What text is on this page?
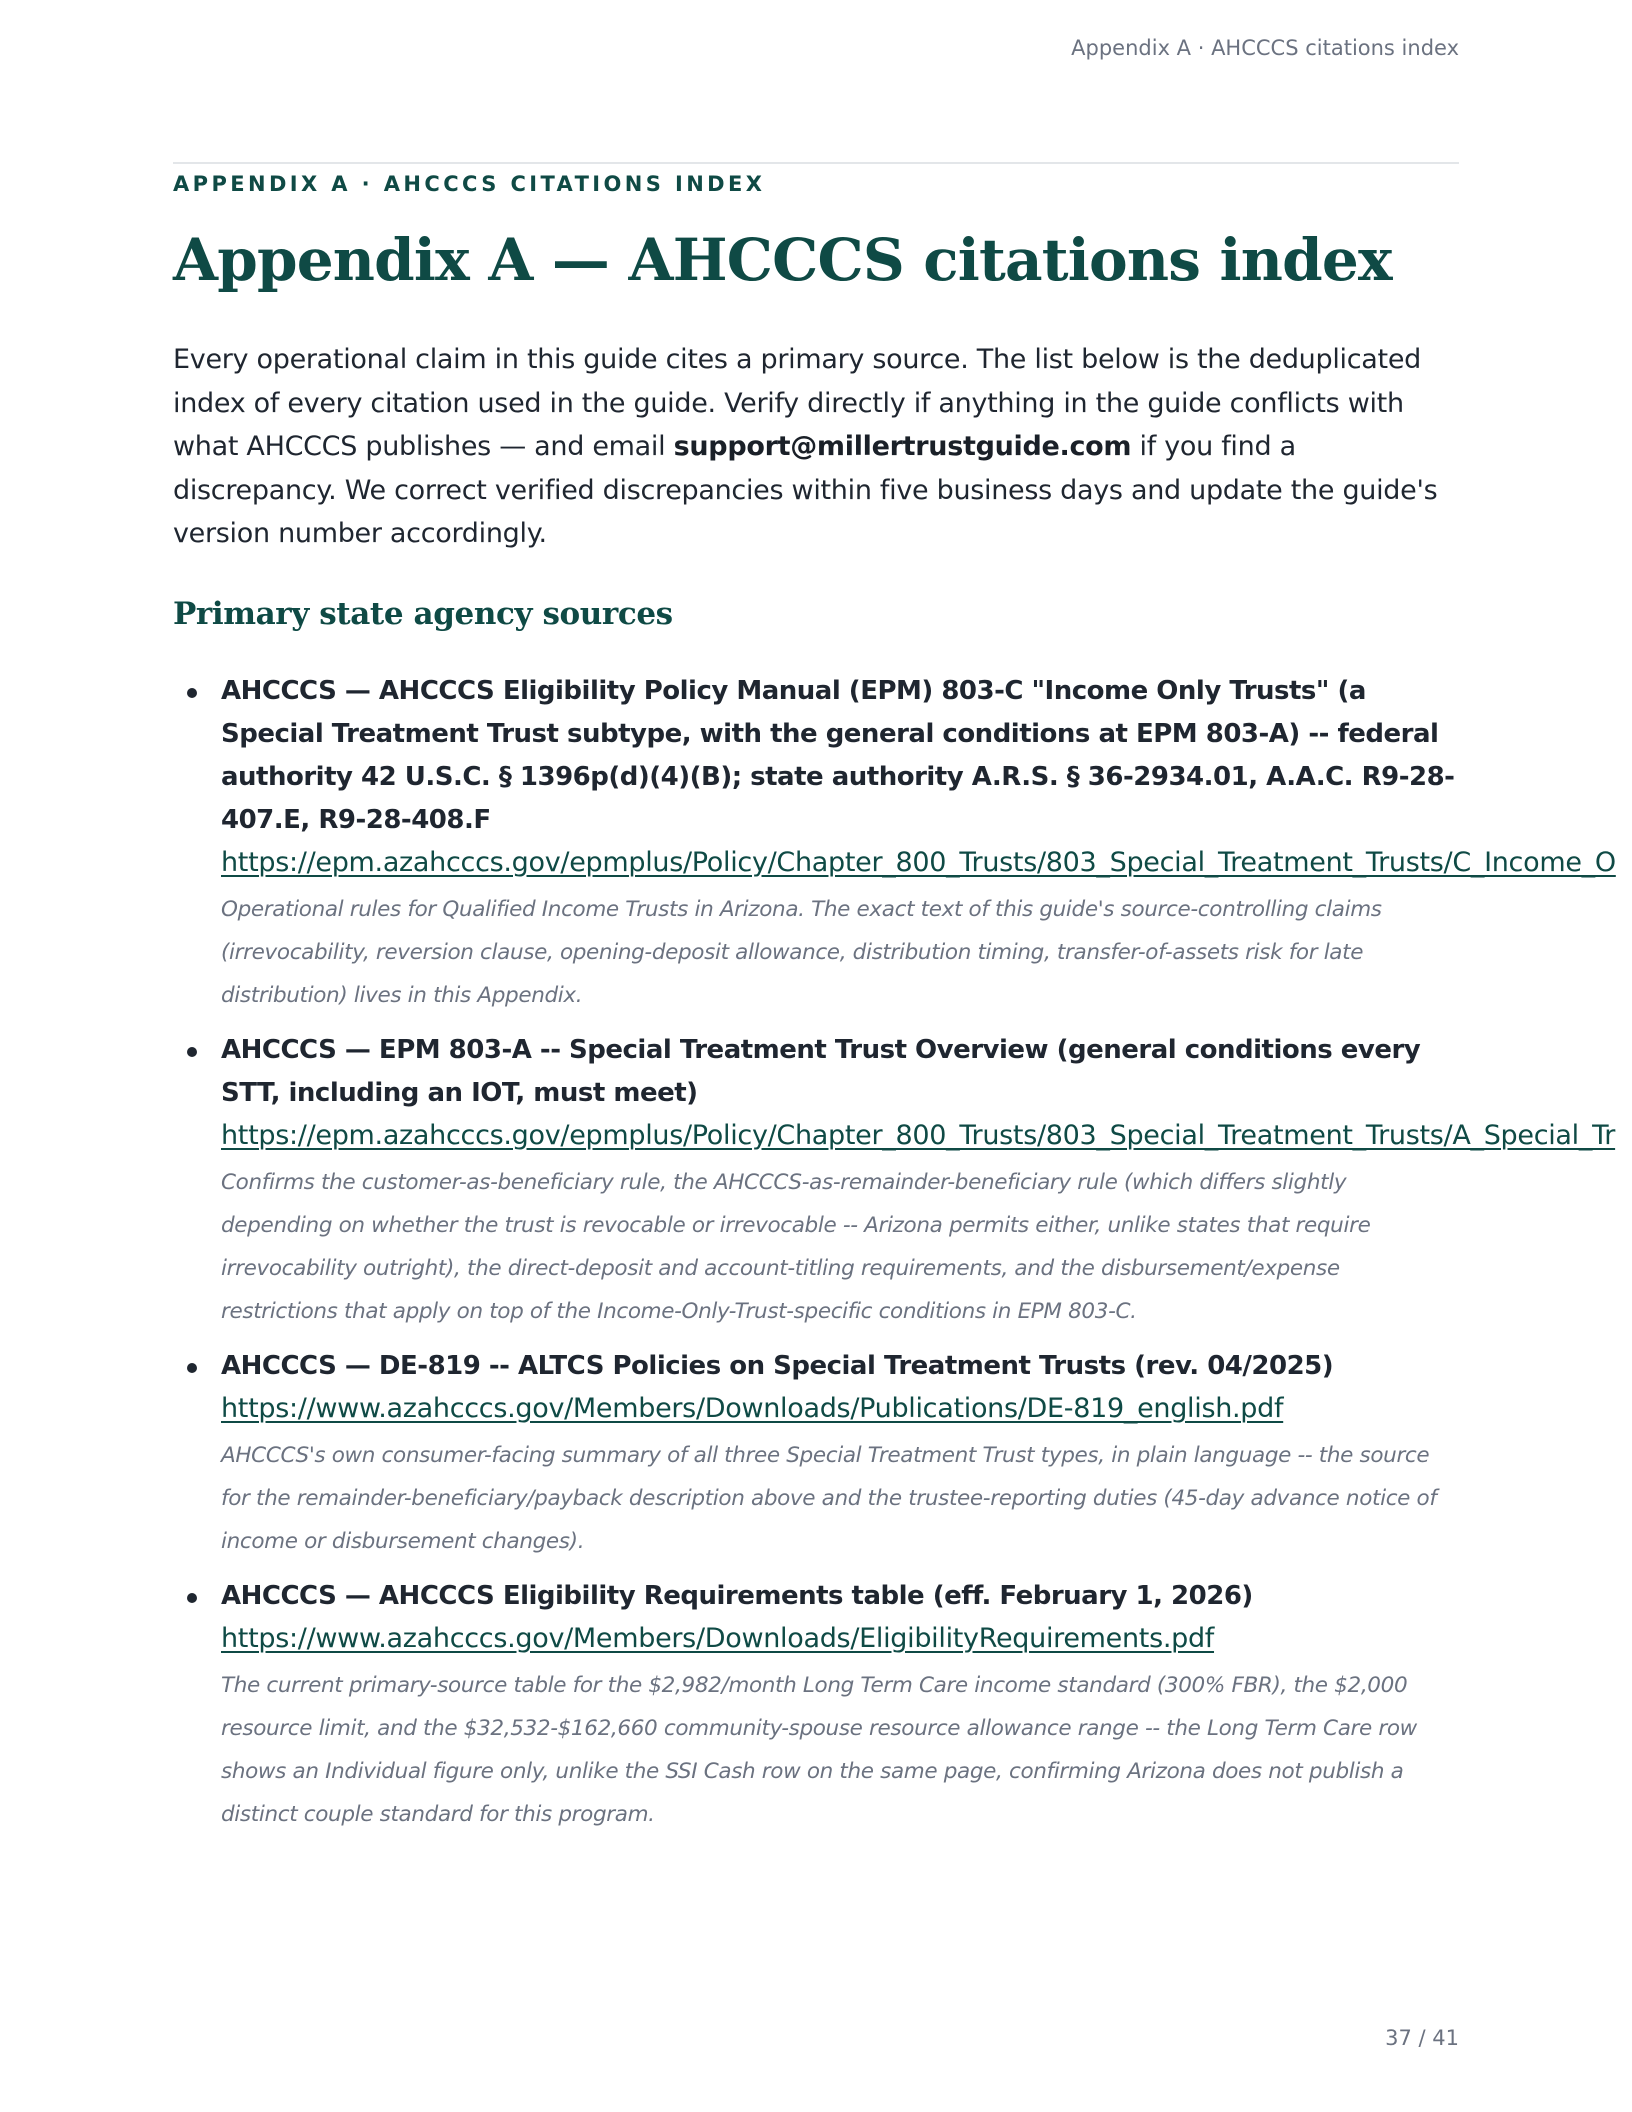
Appendix A · AHCCCS citations index
APPENDIX A · AHCCCS CITATIONS INDEX
Appendix A — AHCCCS citations index

Every operational claim in this guide cites a primary source. The list below is the deduplicated index of every citation used in the guide. Verify directly if anything in the guide conflicts with what AHCCCS publishes — and email support@millertrustguide.com if you find a discrepancy. We correct verified discrepancies within five business days and update the guide's version number accordingly.

Primary state agency sources
AHCCCS — AHCCCS Eligibility Policy Manual (EPM) 803-C "Income Only Trusts" (a Special Treatment Trust subtype, with the general conditions at EPM 803-A) -- federal authority 42 U.S.C. § 1396p(d)(4)(B); state authority A.R.S. § 36-2934.01, A.A.C. R9-28-407.E, R9-28-408.F
https://epm.azahcccs.gov/epmplus/Policy/Chapter_800_Trusts/803_Special_Treatment_Trusts/C_Income_O
Operational rules for Qualified Income Trusts in Arizona. The exact text of this guide's source-controlling claims (irrevocability, reversion clause, opening-deposit allowance, distribution timing, transfer-of-assets risk for late distribution) lives in this Appendix.
AHCCCS — EPM 803-A -- Special Treatment Trust Overview (general conditions every STT, including an IOT, must meet)
https://epm.azahcccs.gov/epmplus/Policy/Chapter_800_Trusts/803_Special_Treatment_Trusts/A_Special_Tr
Confirms the customer-as-beneficiary rule, the AHCCCS-as-remainder-beneficiary rule (which differs slightly depending on whether the trust is revocable or irrevocable -- Arizona permits either, unlike states that require irrevocability outright), the direct-deposit and account-titling requirements, and the disbursement/expense restrictions that apply on top of the Income-Only-Trust-specific conditions in EPM 803-C.
AHCCCS — DE-819 -- ALTCS Policies on Special Treatment Trusts (rev. 04/2025)
https://www.azahcccs.gov/Members/Downloads/Publications/DE-819_english.pdf
AHCCCS's own consumer-facing summary of all three Special Treatment Trust types, in plain language -- the source for the remainder-beneficiary/payback description above and the trustee-reporting duties (45-day advance notice of income or disbursement changes).
AHCCCS — AHCCCS Eligibility Requirements table (eff. February 1, 2026)
https://www.azahcccs.gov/Members/Downloads/EligibilityRequirements.pdf
The current primary-source table for the $2,982/month Long Term Care income standard (300% FBR), the $2,000 resource limit, and the $32,532-$162,660 community-spouse resource allowance range -- the Long Term Care row shows an Individual figure only, unlike the SSI Cash row on the same page, confirming Arizona does not publish a distinct couple standard for this program.
37 / 41
